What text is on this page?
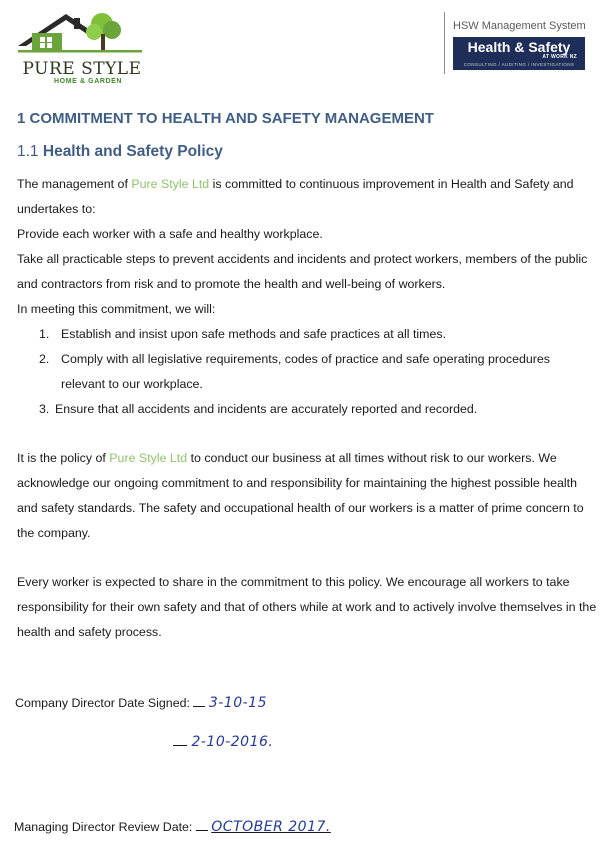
PURE STYLE
HOME & GARDEN
HSW Management System
Health & Safety
AT WORK NZ
CONSULTING / AUDITING / INVESTIGATIONS
1 COMMITMENT TO HEALTH AND SAFETY MANAGEMENT
1.1 Health and Safety Policy

The management of Pure Style Ltd is committed to continuous improvement in Health and Safety and undertakes to:

Provide each worker with a safe and healthy workplace.

Take all practicable steps to prevent accidents and incidents and protect workers, members of the public and contractors from risk and to promote the health and well-being of workers.

In meeting this commitment, we will:

1. Establish and insist upon safe methods and safe practices at all times.
2. Comply with all legislative requirements, codes of practice and safe operating procedures relevant to our workplace.
3. Ensure that all accidents and incidents are accurately reported and recorded.

It is the policy of Pure Style Ltd to conduct our business at all times without risk to our workers. We acknowledge our ongoing commitment to and responsibility for maintaining the highest possible health and safety standards. The safety and occupational health of our workers is a matter of prime concern to the company.

Every worker is expected to share in the commitment to this policy. We encourage all workers to take responsibility for their own safety and that of others while at work and to actively involve themselves in the health and safety process.

Company Director Date Signed: 3-10-15
2-10-2016.
Managing Director Review Date: OCTOBER 2017.
